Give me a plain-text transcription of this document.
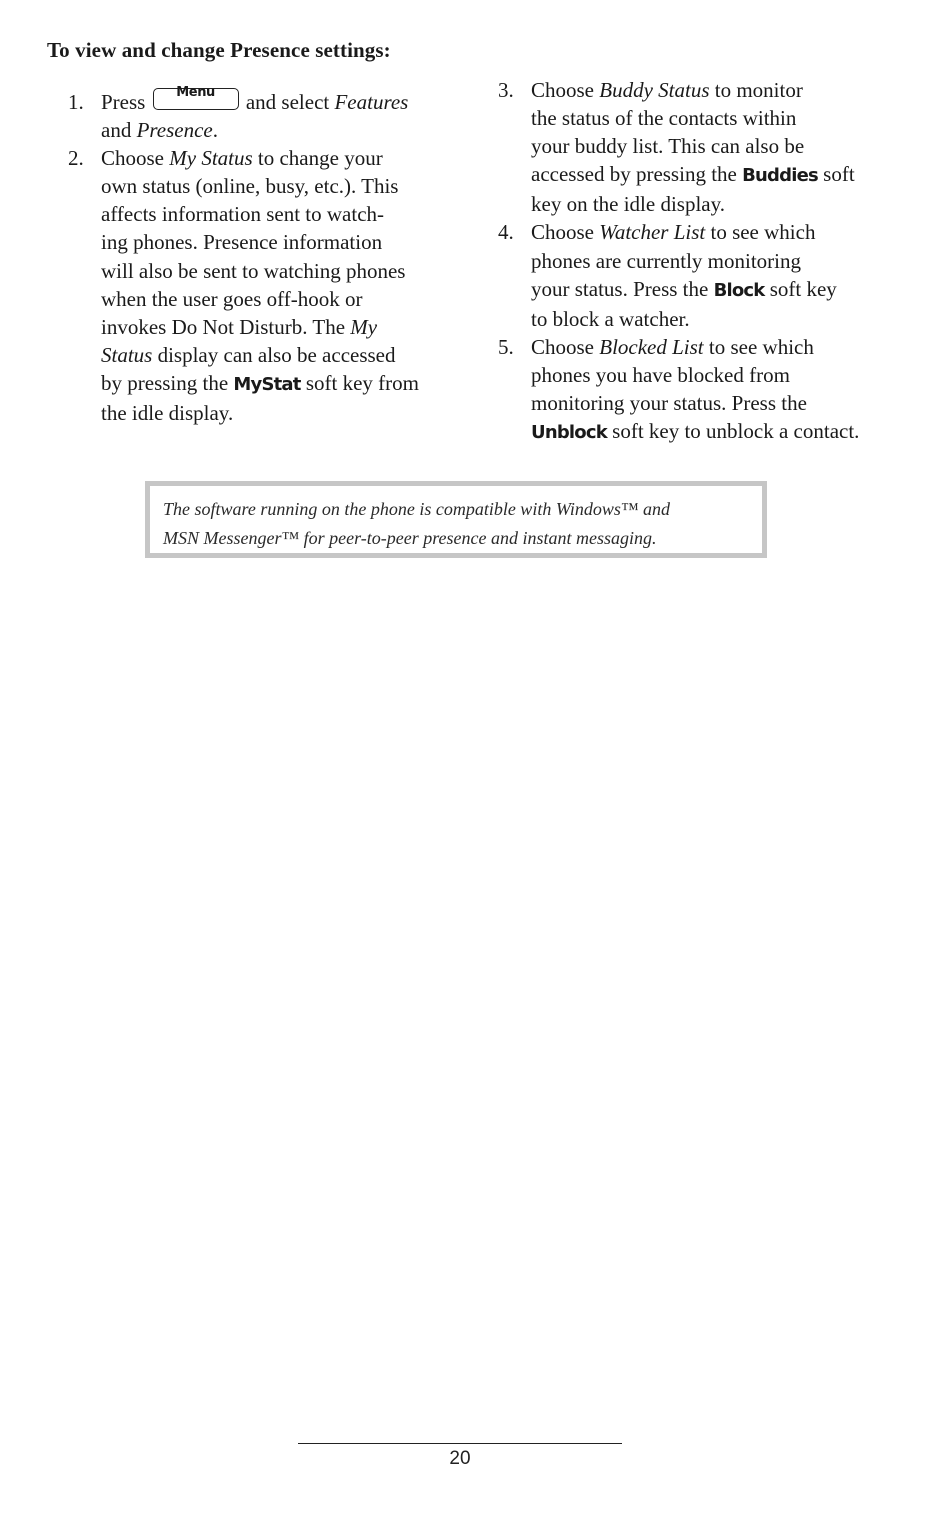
To view and change Presence settings:
1. Press	Menu	and select Features
and Presence.
2. Choose My Status to change your
own status (online, busy, etc.). This
affects information sent to watch-
ing phones. Presence information
will also be sent to watching phones
when the user goes off-hook or
invokes Do Not Disturb. The My
Status display can also be accessed
by pressing the MyStat soft key from
the idle display.
3. Choose Buddy Status to monitor
the status of the contacts within
your buddy list. This can also be
accessed by pressing the Buddies soft
key on the idle display.
4. Choose Watcher List to see which
phones are currently monitoring
your status. Press the Block soft key
to block a watcher.
5. Choose Blocked List to see which
phones you have blocked from
monitoring your status. Press the
Unblock soft key to unblock a contact.
The software running on the phone is compatible with Windows™ and
MSN Messenger™ for peer-to-peer presence and instant messaging.
20
